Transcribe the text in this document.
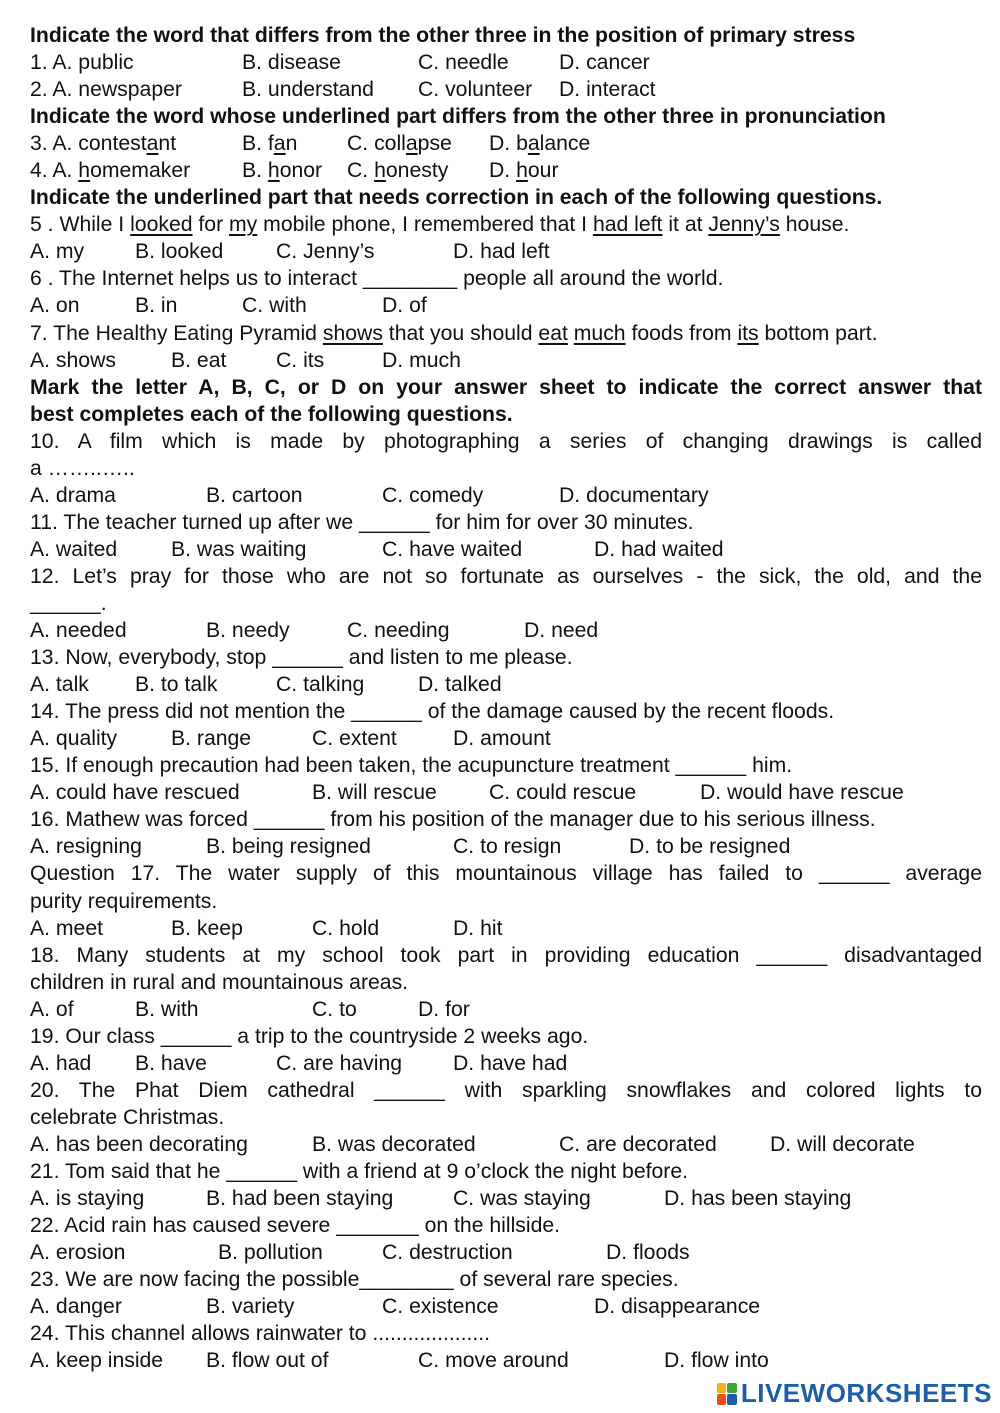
Indicate the word that differs from the other three in the position of primary stress
1. A. public	B. disease	C. needle D. cancer
2. A. newspaper	B. understand C. volunteer D. interact
Indicate the word whose underlined part differs from the other three in pronunciation
3. A. contestant	B. fan C. collapse D. balance
4. A. homemaker B. honor C. honesty D. hour
Indicate the underlined part that needs correction in each of the following questions.
5 . While I looked for my mobile phone, I remembered that I had left it at Jenny’s house.
A. my B. looked C. Jenny’s	D. had left
6 . The Internet helps us to interact ________ people all around the world.
A. on	B. in	C. with	D. of
7. The Healthy Eating Pyramid shows that you should eat much foods from its bottom part.
A. shows	B. eat C. its	D. much
Mark the letter A, B, C, or D on your answer sheet to indicate the correct answer that
best completes each of the following questions.
10. A film which is made by photographing a series of changing drawings is called
a ……..…..
A. drama	B. cartoon	C. comedy	D. documentary
11. The teacher turned up after we ______ for him for over 30 minutes.
A. waited	B. was waiting	C. have waited	D. had waited
12. Let’s pray for those who are not so fortunate as ourselves - the sick, the old, and the
______.
A. needed	B. needy	C. needing	D. need
13. Now, everybody, stop ______ and listen to me please.
A. talk B. to talk	C. talking	D. talked
14. The press did not mention the ______ of the damage caused by the recent floods.
A. quality	B. range	C. extent	D. amount
15. If enough precaution had been taken, the acupuncture treatment ______ him.
A. could have rescued	B. will rescue C. could rescue	D. would have rescue
16. Mathew was forced ______ from his position of the manager due to his serious illness.
A. resigning	B. being resigned	C. to resign	D. to be resigned
Question 17. The water supply of this mountainous village has failed to ______ average
purity requirements.
A. meet	B. keep	C. hold	D. hit
18. Many students at my school took part in providing education ______ disadvantaged
children in rural and mountainous areas.
A. of	B. with	C. to	D. for
19. Our class ______ a trip to the countryside 2 weeks ago.
A. had B. have	C. are having D. have had
20. The Phat Diem cathedral ______ with sparkling snowflakes and colored lights to
celebrate Christmas.
A. has been decorating	B. was decorated	C. are decorated	D. will decorate
21. Tom said that he ______ with a friend at 9 o’clock the night before.
A. is staying	B. had been staying	C. was staying	D. has been staying
22. Acid rain has caused severe _______ on the hillside.
A. erosion	B. pollution	C. destruction	D. floods
23. We are now facing the possible________ of several rare species.
A. danger	B. variety	C. existence	D. disappearance
24. This channel allows rainwater to ....................
A. keep inside B. flow out of	C. move around	D. flow into
LIVEWORKSHEETS
